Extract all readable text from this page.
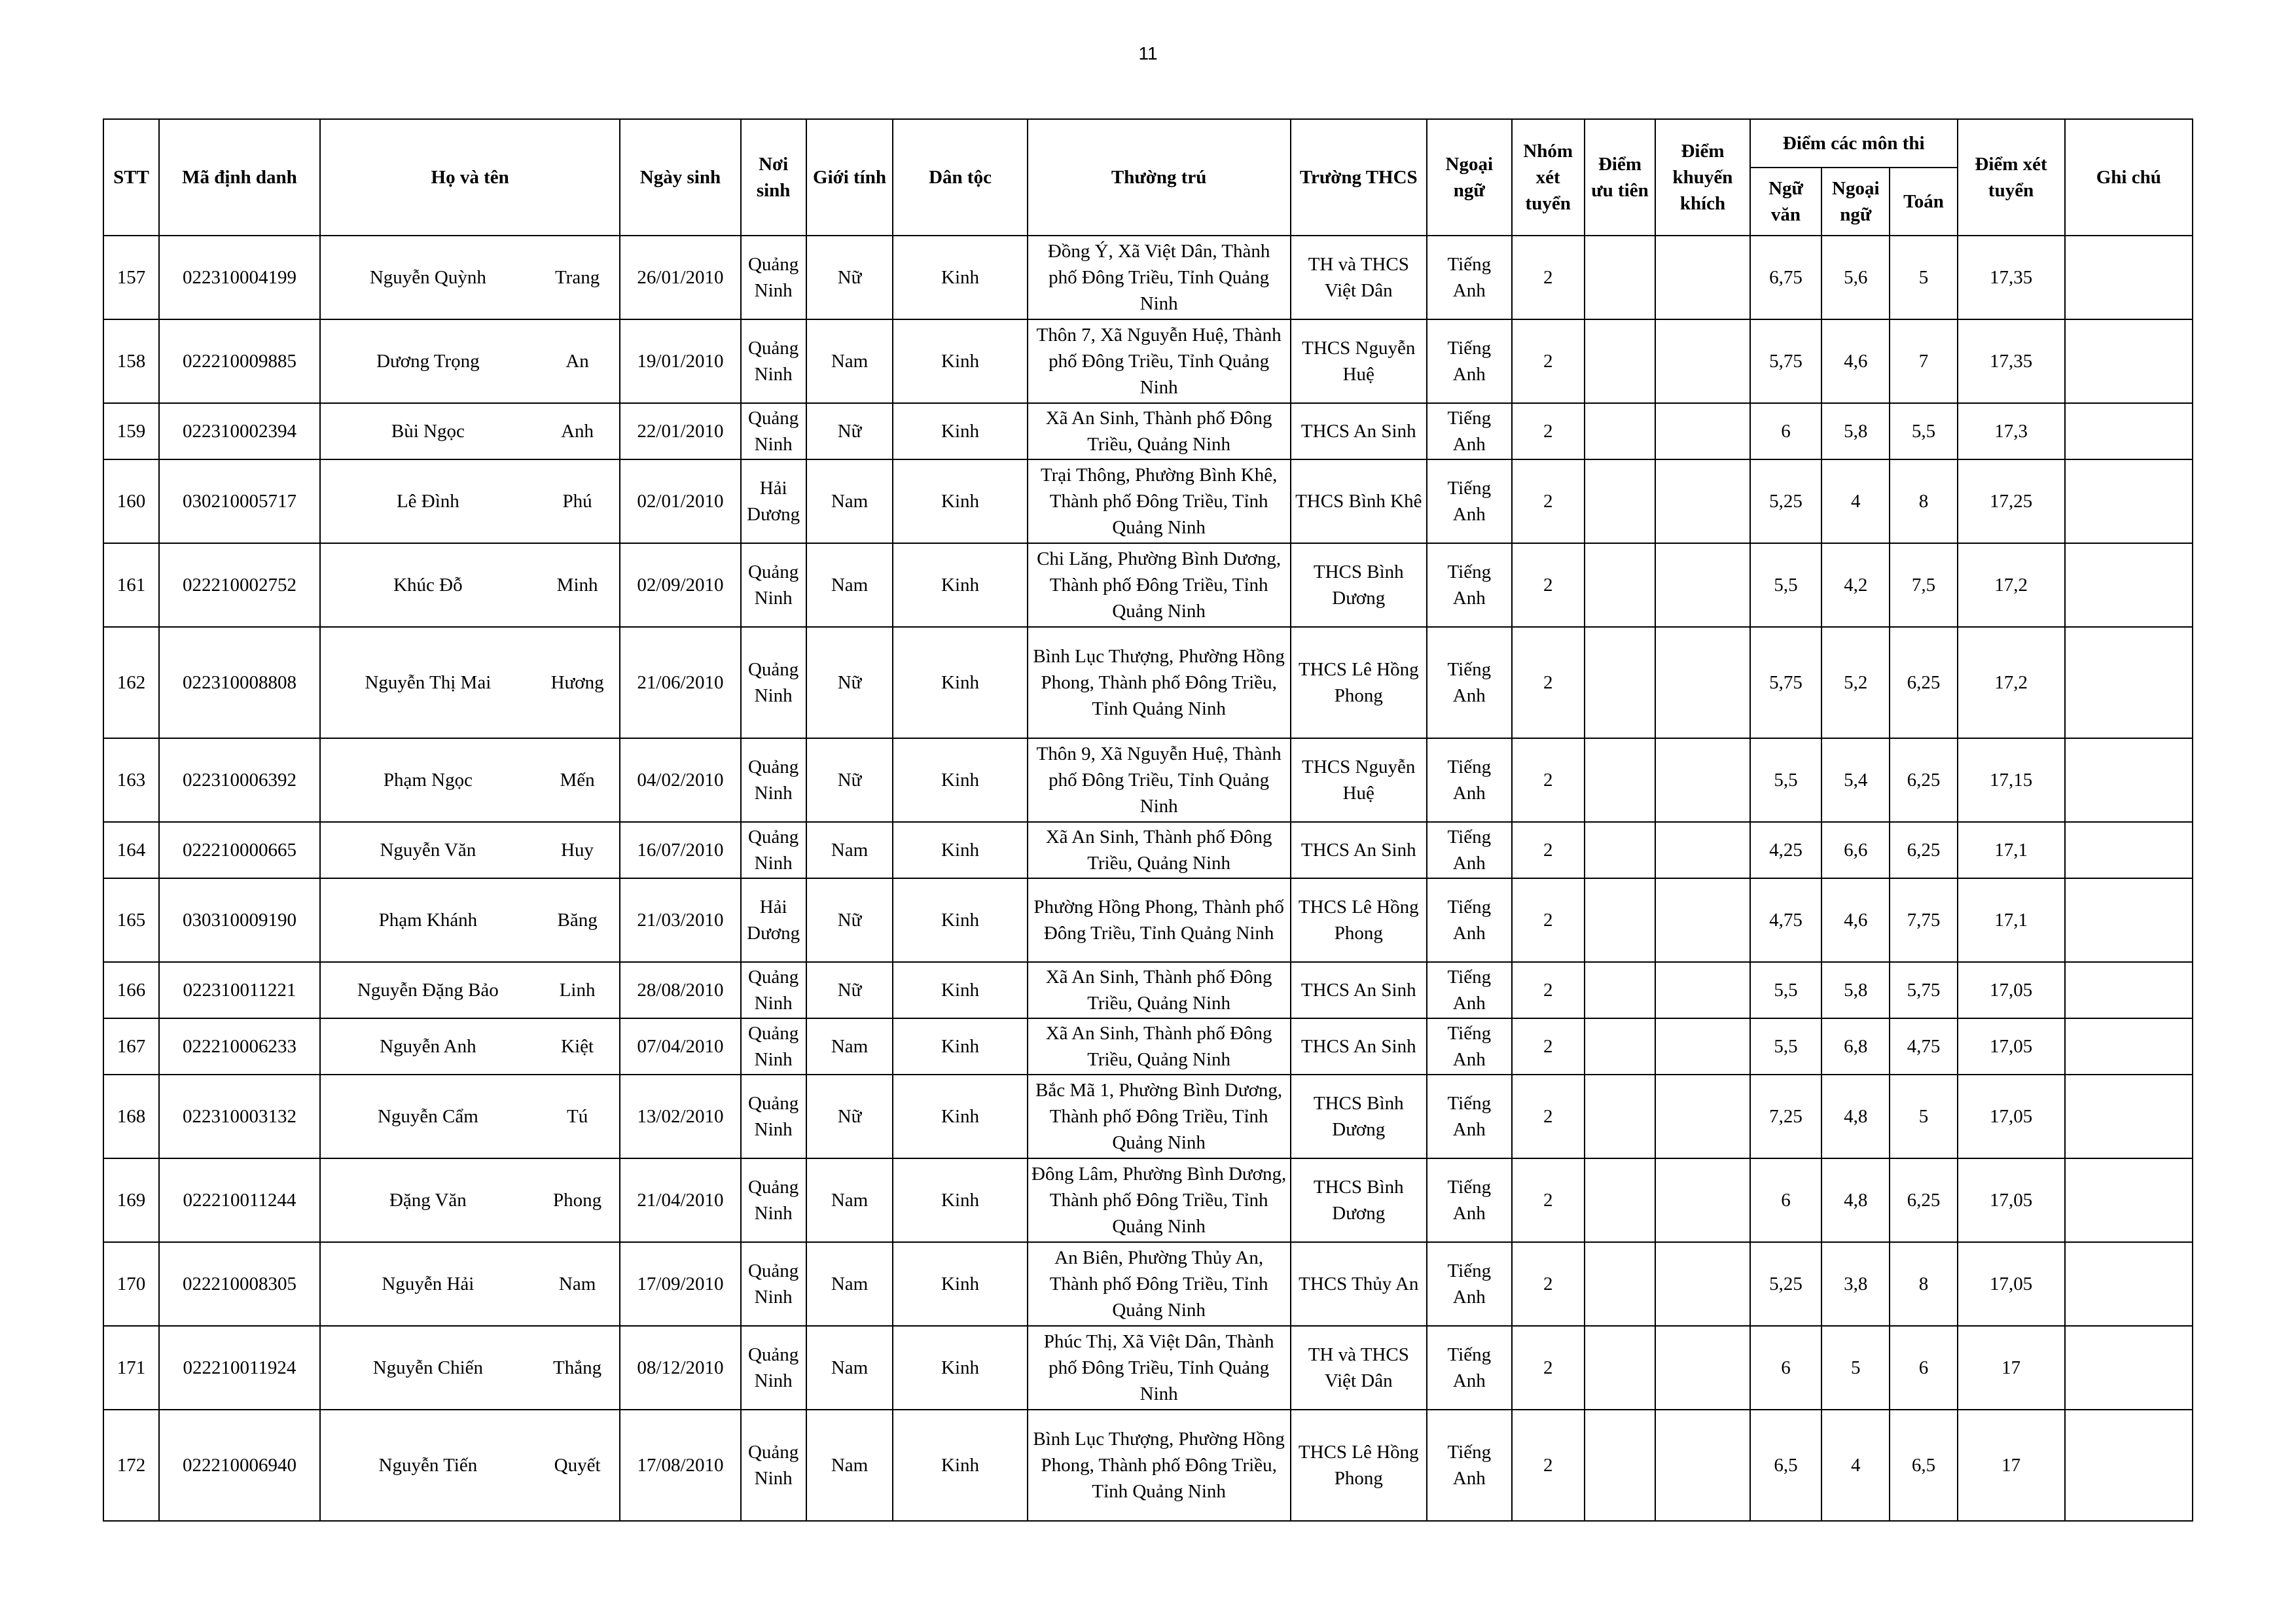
11
STT	Mã định danh	Họ và tên		Ngày sinh	Nơi sinh	Giới tính	Dân tộc	Thường trú	Trường THCS	Ngoại ngữ	Nhóm xét tuyển	Điểm ưu tiên	Điểm khuyến khích	Điểm các môn thi			Điểm xét tuyển	Ghi chú
														Ngữ văn	Ngoại ngữ	Toán		
157	022310004199	Nguyễn Quỳnh	Trang	26/01/2010	Quảng Ninh	Nữ	Kinh	Đồng Ý, Xã Việt Dân, Thành phố Đông Triều, Tỉnh Quảng Ninh	TH và THCS Việt Dân	Tiếng Anh	2			6,75	5,6	5	17,35	
158	022210009885	Dương Trọng	An	19/01/2010	Quảng Ninh	Nam	Kinh	Thôn 7, Xã Nguyễn Huệ, Thành phố Đông Triều, Tỉnh Quảng Ninh	THCS Nguyễn Huệ	Tiếng Anh	2			5,75	4,6	7	17,35	
159	022310002394	Bùi Ngọc	Anh	22/01/2010	Quảng Ninh	Nữ	Kinh	Xã An Sinh, Thành phố Đông Triều, Quảng Ninh	THCS An Sinh	Tiếng Anh	2			6	5,8	5,5	17,3	
160	030210005717	Lê Đình	Phú	02/01/2010	Hải Dương	Nam	Kinh	Trại Thông, Phường Bình Khê, Thành phố Đông Triều, Tỉnh Quảng Ninh	THCS Bình Khê	Tiếng Anh	2			5,25	4	8	17,25	
161	022210002752	Khúc Đỗ	Minh	02/09/2010	Quảng Ninh	Nam	Kinh	Chi Lăng, Phường Bình Dương, Thành phố Đông Triều, Tỉnh Quảng Ninh	THCS Bình Dương	Tiếng Anh	2			5,5	4,2	7,5	17,2	
162	022310008808	Nguyễn Thị Mai	Hương	21/06/2010	Quảng Ninh	Nữ	Kinh	Bình Lục Thượng, Phường Hồng Phong, Thành phố Đông Triều, Tỉnh Quảng Ninh	THCS Lê Hồng Phong	Tiếng Anh	2			5,75	5,2	6,25	17,2	
163	022310006392	Phạm Ngọc	Mến	04/02/2010	Quảng Ninh	Nữ	Kinh	Thôn 9, Xã Nguyễn Huệ, Thành phố Đông Triều, Tỉnh Quảng Ninh	THCS Nguyễn Huệ	Tiếng Anh	2			5,5	5,4	6,25	17,15	
164	022210000665	Nguyễn Văn	Huy	16/07/2010	Quảng Ninh	Nam	Kinh	Xã An Sinh, Thành phố Đông Triều, Quảng Ninh	THCS An Sinh	Tiếng Anh	2			4,25	6,6	6,25	17,1	
165	030310009190	Phạm Khánh	Băng	21/03/2010	Hải Dương	Nữ	Kinh	Phường Hồng Phong, Thành phố Đông Triều, Tỉnh Quảng Ninh	THCS Lê Hồng Phong	Tiếng Anh	2			4,75	4,6	7,75	17,1	
166	022310011221	Nguyễn Đặng Bảo	Linh	28/08/2010	Quảng Ninh	Nữ	Kinh	Xã An Sinh, Thành phố Đông Triều, Quảng Ninh	THCS An Sinh	Tiếng Anh	2			5,5	5,8	5,75	17,05	
167	022210006233	Nguyễn Anh	Kiệt	07/04/2010	Quảng Ninh	Nam	Kinh	Xã An Sinh, Thành phố Đông Triều, Quảng Ninh	THCS An Sinh	Tiếng Anh	2			5,5	6,8	4,75	17,05	
168	022310003132	Nguyễn Cẩm	Tú	13/02/2010	Quảng Ninh	Nữ	Kinh	Bắc Mã 1, Phường Bình Dương, Thành phố Đông Triều, Tỉnh Quảng Ninh	THCS Bình Dương	Tiếng Anh	2			7,25	4,8	5	17,05	
169	022210011244	Đặng Văn	Phong	21/04/2010	Quảng Ninh	Nam	Kinh	Đông Lâm, Phường Bình Dương, Thành phố Đông Triều, Tỉnh Quảng Ninh	THCS Bình Dương	Tiếng Anh	2			6	4,8	6,25	17,05	
170	022210008305	Nguyễn Hải	Nam	17/09/2010	Quảng Ninh	Nam	Kinh	An Biên, Phường Thủy An, Thành phố Đông Triều, Tỉnh Quảng Ninh	THCS Thủy An	Tiếng Anh	2			5,25	3,8	8	17,05	
171	022210011924	Nguyễn Chiến	Thắng	08/12/2010	Quảng Ninh	Nam	Kinh	Phúc Thị, Xã Việt Dân, Thành phố Đông Triều, Tỉnh Quảng Ninh	TH và THCS Việt Dân	Tiếng Anh	2			6	5	6	17	
172	022210006940	Nguyễn Tiến	Quyết	17/08/2010	Quảng Ninh	Nam	Kinh	Bình Lục Thượng, Phường Hồng Phong, Thành phố Đông Triều, Tỉnh Quảng Ninh	THCS Lê Hồng Phong	Tiếng Anh	2			6,5	4	6,5	17	
